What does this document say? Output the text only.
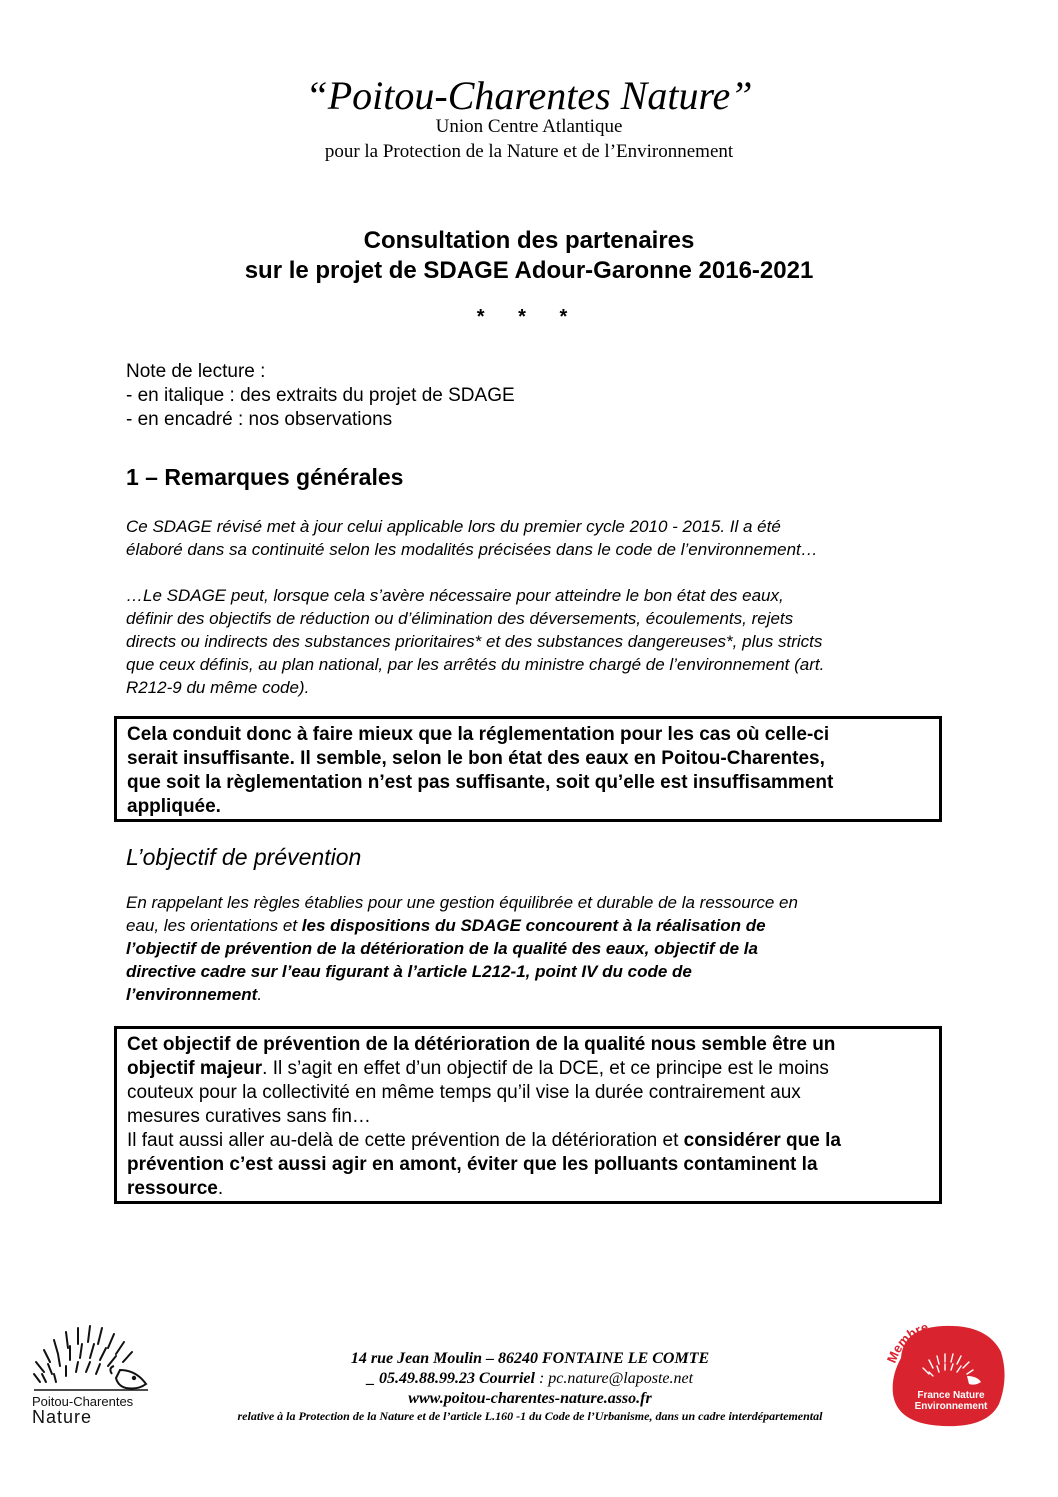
“Poitou-Charentes Nature”
Union Centre Atlantique
pour la Protection de la Nature et de l’Environnement
Consultation des partenaires
sur le projet de SDAGE Adour-Garonne 2016-2021
* * *
Note de lecture :
- en italique : des extraits du projet de SDAGE
- en encadré : nos observations
1 – Remarques générales
Ce SDAGE révisé met à jour celui applicable lors du premier cycle 2010 - 2015. Il a été
élaboré dans sa continuité selon les modalités précisées dans le code de l’environnement…
…Le SDAGE peut, lorsque cela s’avère nécessaire pour atteindre le bon état des eaux,
définir des objectifs de réduction ou d’élimination des déversements, écoulements, rejets
directs ou indirects des substances prioritaires* et des substances dangereuses*, plus stricts
que ceux définis, au plan national, par les arrêtés du ministre chargé de l’environnement (art.
R212-9 du même code).
Cela conduit donc à faire mieux que la réglementation pour les cas où celle-ci
serait insuffisante. Il semble, selon le bon état des eaux en Poitou-Charentes,
que soit la règlementation n’est pas suffisante, soit qu’elle est insuffisamment
appliquée.
L’objectif de prévention
En rappelant les règles établies pour une gestion équilibrée et durable de la ressource en
eau, les orientations et les dispositions du SDAGE concourent à la réalisation de
l’objectif de prévention de la détérioration de la qualité des eaux, objectif de la
directive cadre sur l’eau figurant à l’article L212-1, point IV du code de
l’environnement.
Cet objectif de prévention de la détérioration de la qualité nous semble être un
objectif majeur. Il s’agit en effet d’un objectif de la DCE, et ce principe est le moins
couteux pour la collectivité en même temps qu’il vise la durée contrairement aux
mesures curatives sans fin…
Il faut aussi aller au-delà de cette prévention de la détérioration et considérer que la
prévention c’est aussi agir en amont, éviter que les polluants contaminent la
ressource.
Poitou-Charentes
Nature
14 rue Jean Moulin – 86240 FONTAINE LE COMTE
_ 05.49.88.99.23 Courriel : pc.nature@laposte.net
www.poitou-charentes-nature.asso.fr
relative à la Protection de la Nature et de l’article L.160 -1 du Code de l’Urbanisme, dans un cadre interdépartemental
Membre
France Nature
Environnement
